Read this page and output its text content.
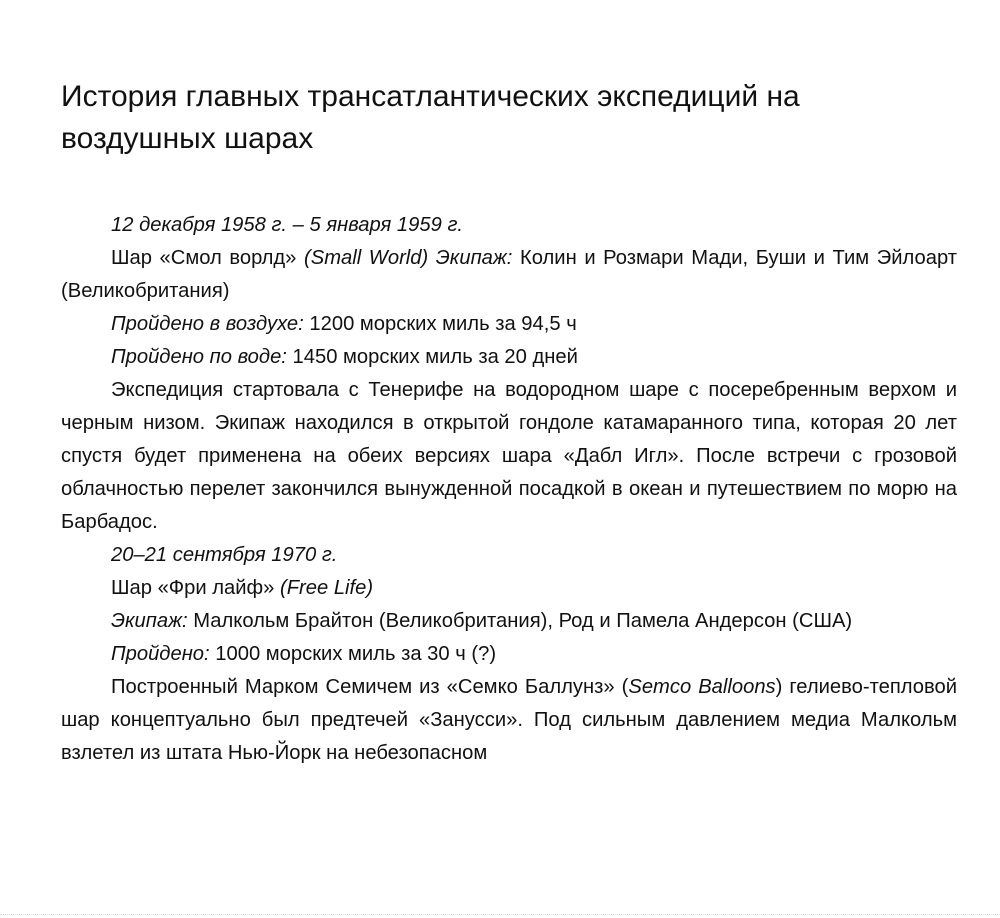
История главных трансатлантических экспедиций на воздушных шарах

12 декабря 1958 г. – 5 января 1959 г.

Шар «Смол ворлд» (Small World) Экипаж: Колин и Розмари Мади, Буши и Тим Эйлоарт (Великобритания)

Пройдено в воздухе: 1200 морских миль за 94,5 ч

Пройдено по воде: 1450 морских миль за 20 дней

Экспедиция стартовала с Тенерифе на водородном шаре с посеребренным верхом и черным низом. Экипаж находился в открытой гондоле катамаранного типа, которая 20 лет спустя будет применена на обеих версиях шара «Дабл Игл». После встречи с грозовой облачностью перелет закончился вынужденной посадкой в океан и путешествием по морю на Барбадос.

20–21 сентября 1970 г.

Шар «Фри лайф» (Free Life)

Экипаж: Малкольм Брайтон (Великобритания), Род и Памела Андерсон (США)

Пройдено: 1000 морских миль за 30 ч (?)

Построенный Марком Семичем из «Семко Баллунз» (Semco Balloons) гелиево-тепловой шар концептуально был предтечей «Занусси». Под сильным давлением медиа Малкольм взлетел из штата Нью-Йорк на небезопасном
